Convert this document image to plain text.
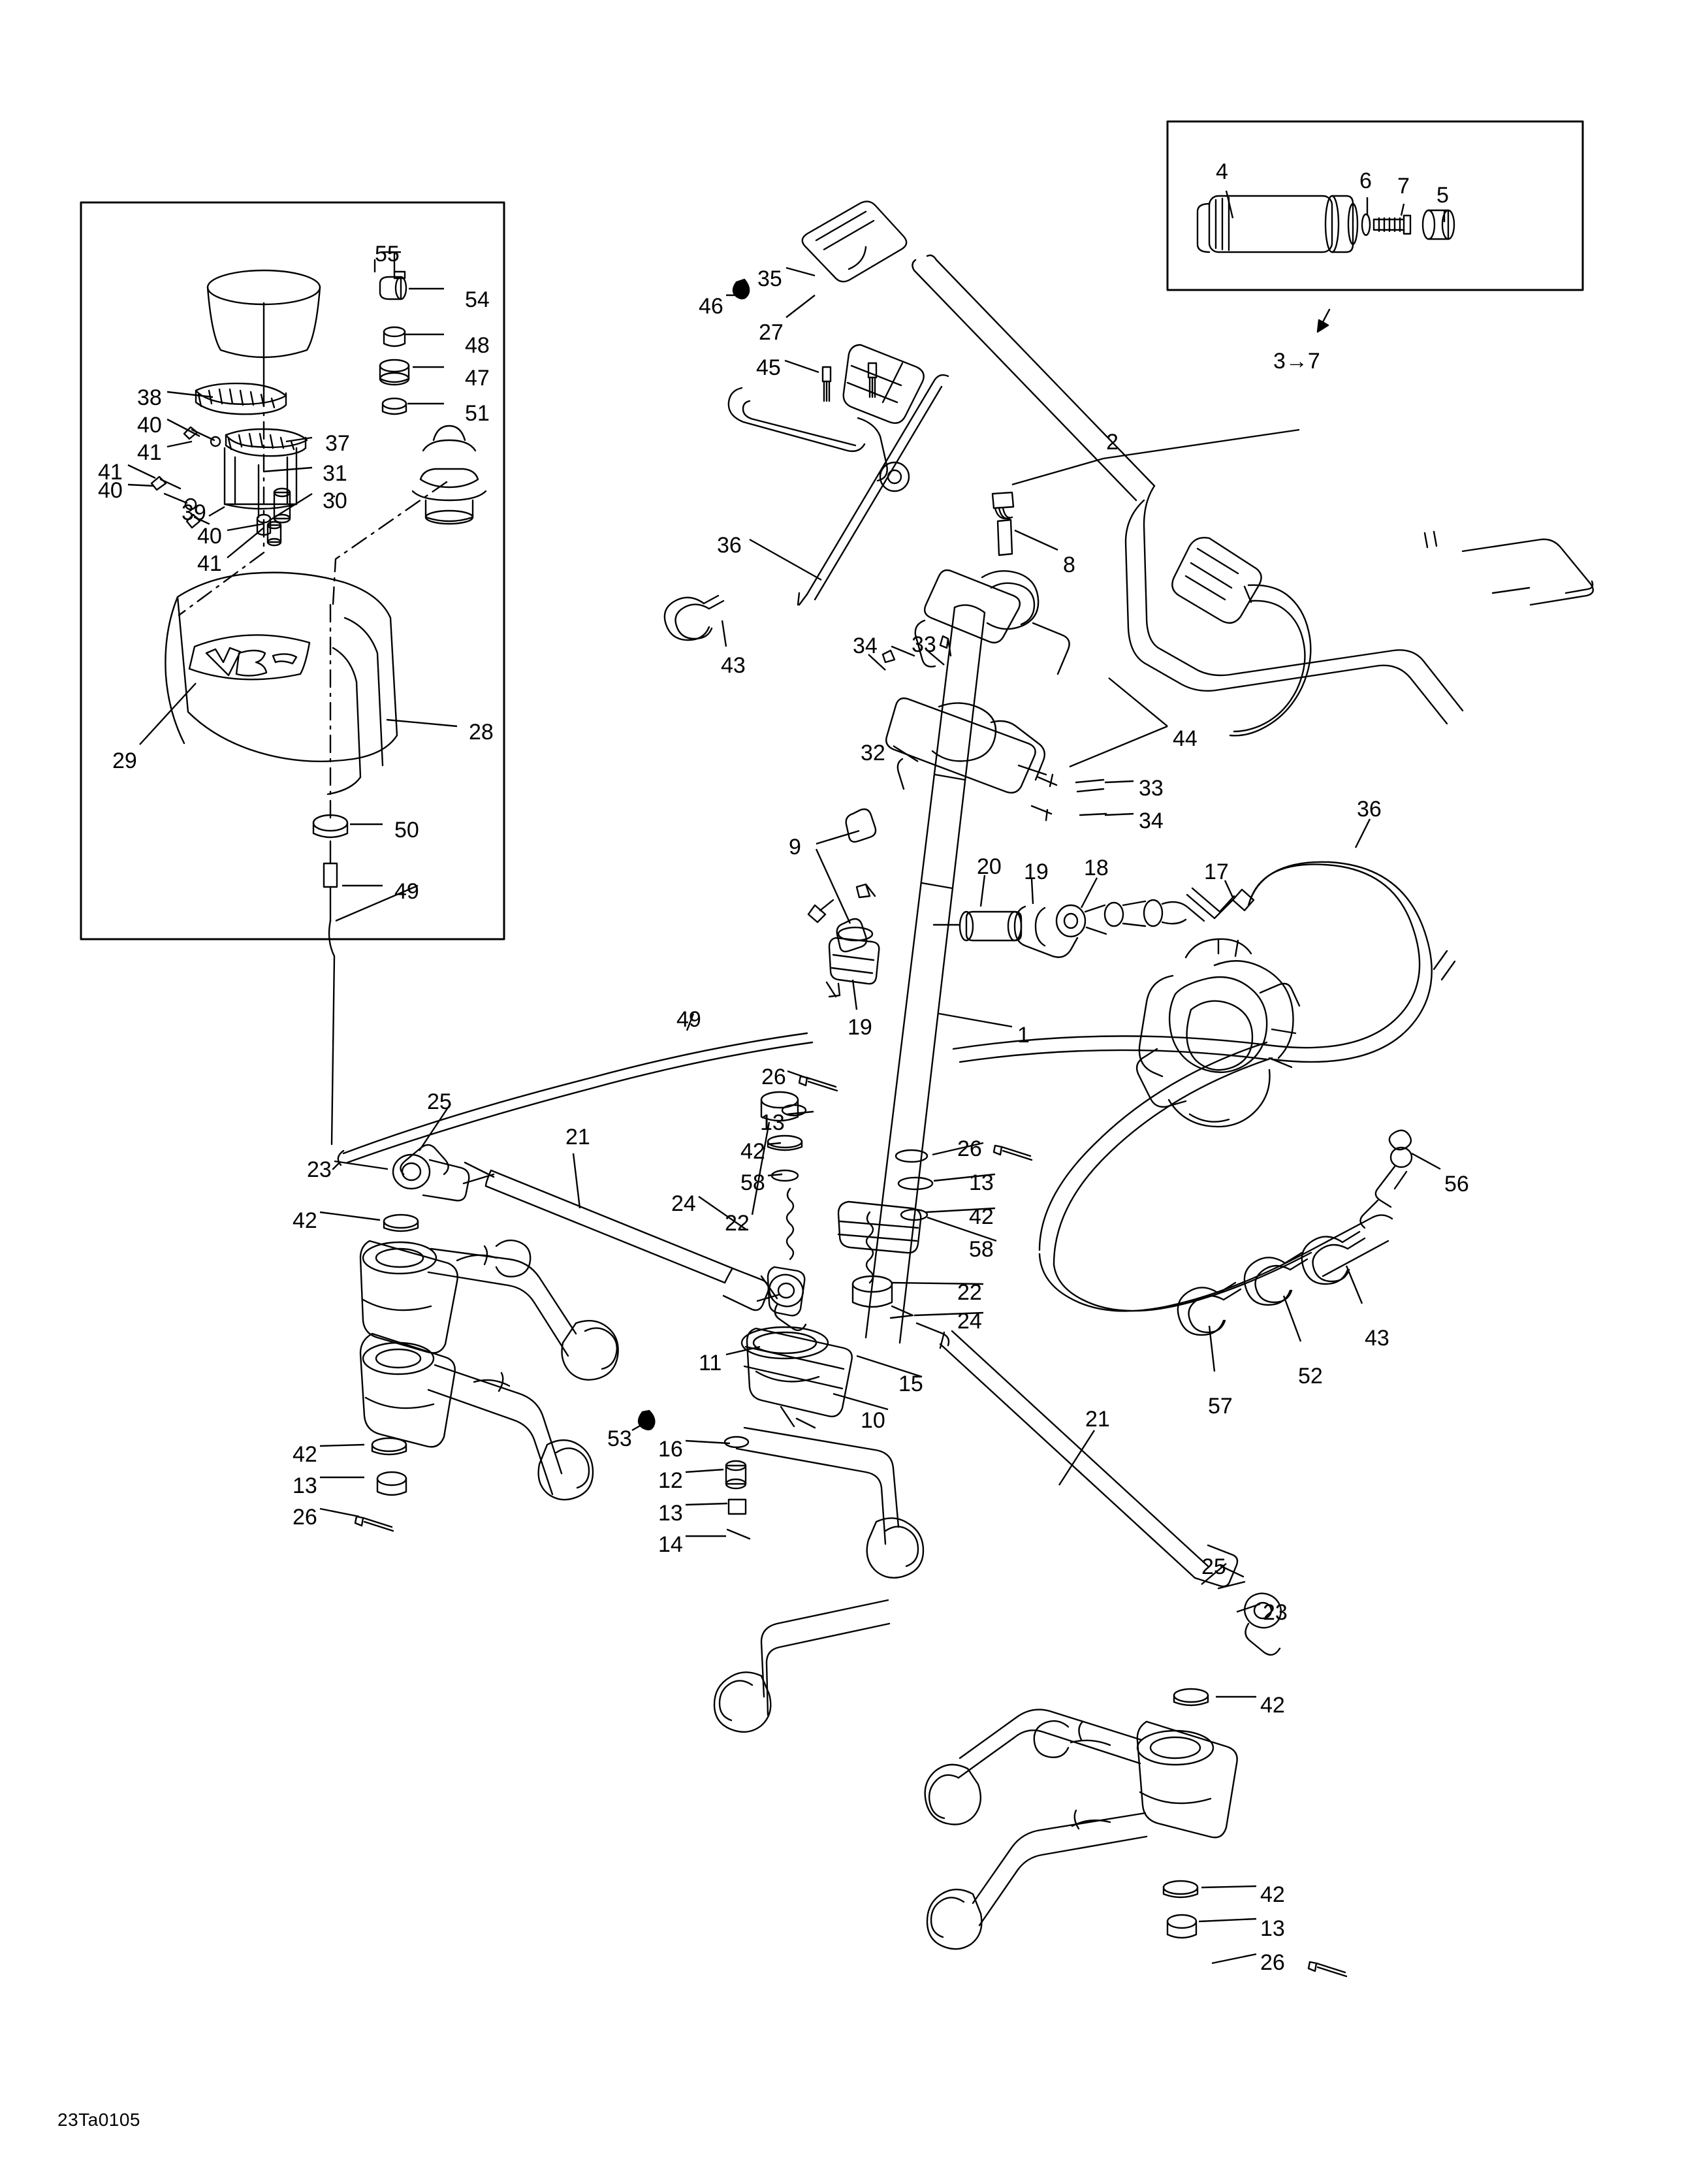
1
2
4
5
6 7
8
9
10
11
12
13
13
13
13
13
14
15
16
17
18
19
19
20
21
21
22
22
23
23
24
24
25
25
26
26
26
26
27
28
29
30
31
32
33
33
34
34
35
36
36
37
38
39
40
40
40
41
41
41
42
42
42
42
42
42
43
43
44
45
46
47
48
49
49
50
51
52
53
54
55
56
57
58
58
3→7
23Ta0105
